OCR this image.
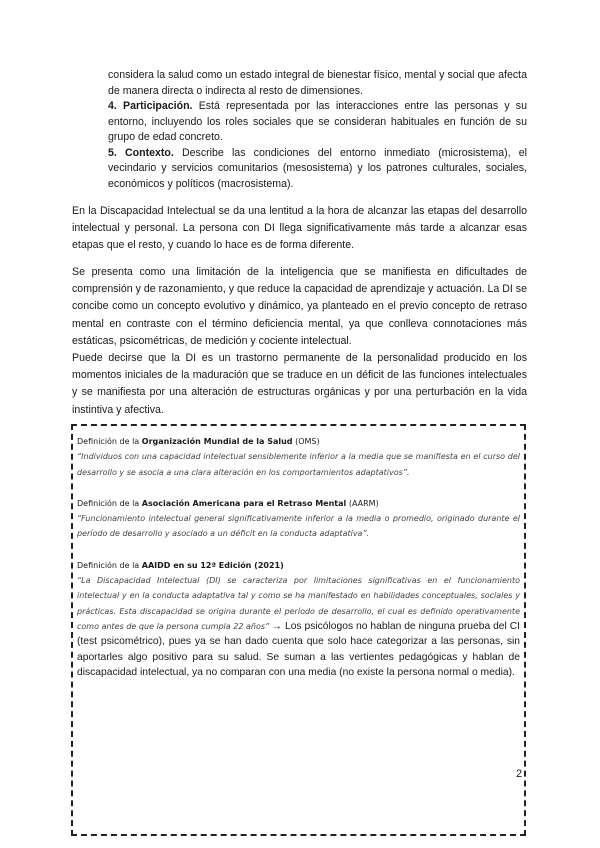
considera la salud como un estado integral de bienestar físico, mental y social que afecta de manera directa o indirecta al resto de dimensiones.

4. Participación. Está representada por las interacciones entre las personas y su entorno, incluyendo los roles sociales que se consideran habituales en función de su grupo de edad concreto.

5. Contexto. Describe las condiciones del entorno inmediato (microsistema), el vecindario y servicios comunitarios (mesosistema) y los patrones culturales, sociales, económicos y políticos (macrosistema).

En la Discapacidad Intelectual se da una lentitud a la hora de alcanzar las etapas del desarrollo intelectual y personal. La persona con DI llega significativamente más tarde a alcanzar esas etapas que el resto, y cuando lo hace es de forma diferente.

Se presenta como una limitación de la inteligencia que se manifiesta en dificultades de comprensión y de razonamiento, y que reduce la capacidad de aprendizaje y actuación. La DI se concibe como un concepto evolutivo y dinámico, ya planteado en el previo concepto de retraso mental en contraste con el término deficiencia mental, ya que conlleva connotaciones más estáticas, psicométricas, de medición y cociente intelectual.

Puede decirse que la DI es un trastorno permanente de la personalidad producido en los momentos iniciales de la maduración que se traduce en un déficit de las funciones intelectuales y se manifiesta por una alteración de estructuras orgánicas y por una perturbación en la vida instintiva y afectiva.

Definición de la Organización Mundial de la Salud (OMS)

“Individuos con una capacidad intelectual sensiblemente inferior a la media que se manifiesta en el curso del desarrollo y se asocia a una clara alteración en los comportamientos adaptativos”.

Definición de la Asociación Americana para el Retraso Mental (AARM)

“Funcionamiento intelectual general significativamente inferior a la media o promedio, originado durante el período de desarrollo y asociado a un déficit en la conducta adaptativa”.

Definición de la AAIDD en su 12ª Edición (2021)

“La Discapacidad Intelectual (DI) se caracteriza por limitaciones significativas en el funcionamiento intelectual y en la conducta adaptativa tal y como se ha manifestado en habilidades conceptuales, sociales y prácticas. Esta discapacidad se origina durante el período de desarrollo, el cual es definido operativamente como antes de que la persona cumpla 22 años” → Los psicólogos no hablan de ninguna prueba del CI (test psicométrico), pues ya se han dado cuenta que solo hace categorizar a las personas, sin aportarles algo positivo para su salud. Se suman a las vertientes pedagógicas y hablan de discapacidad intelectual, ya no comparan con una media (no existe la persona normal o media).

2
